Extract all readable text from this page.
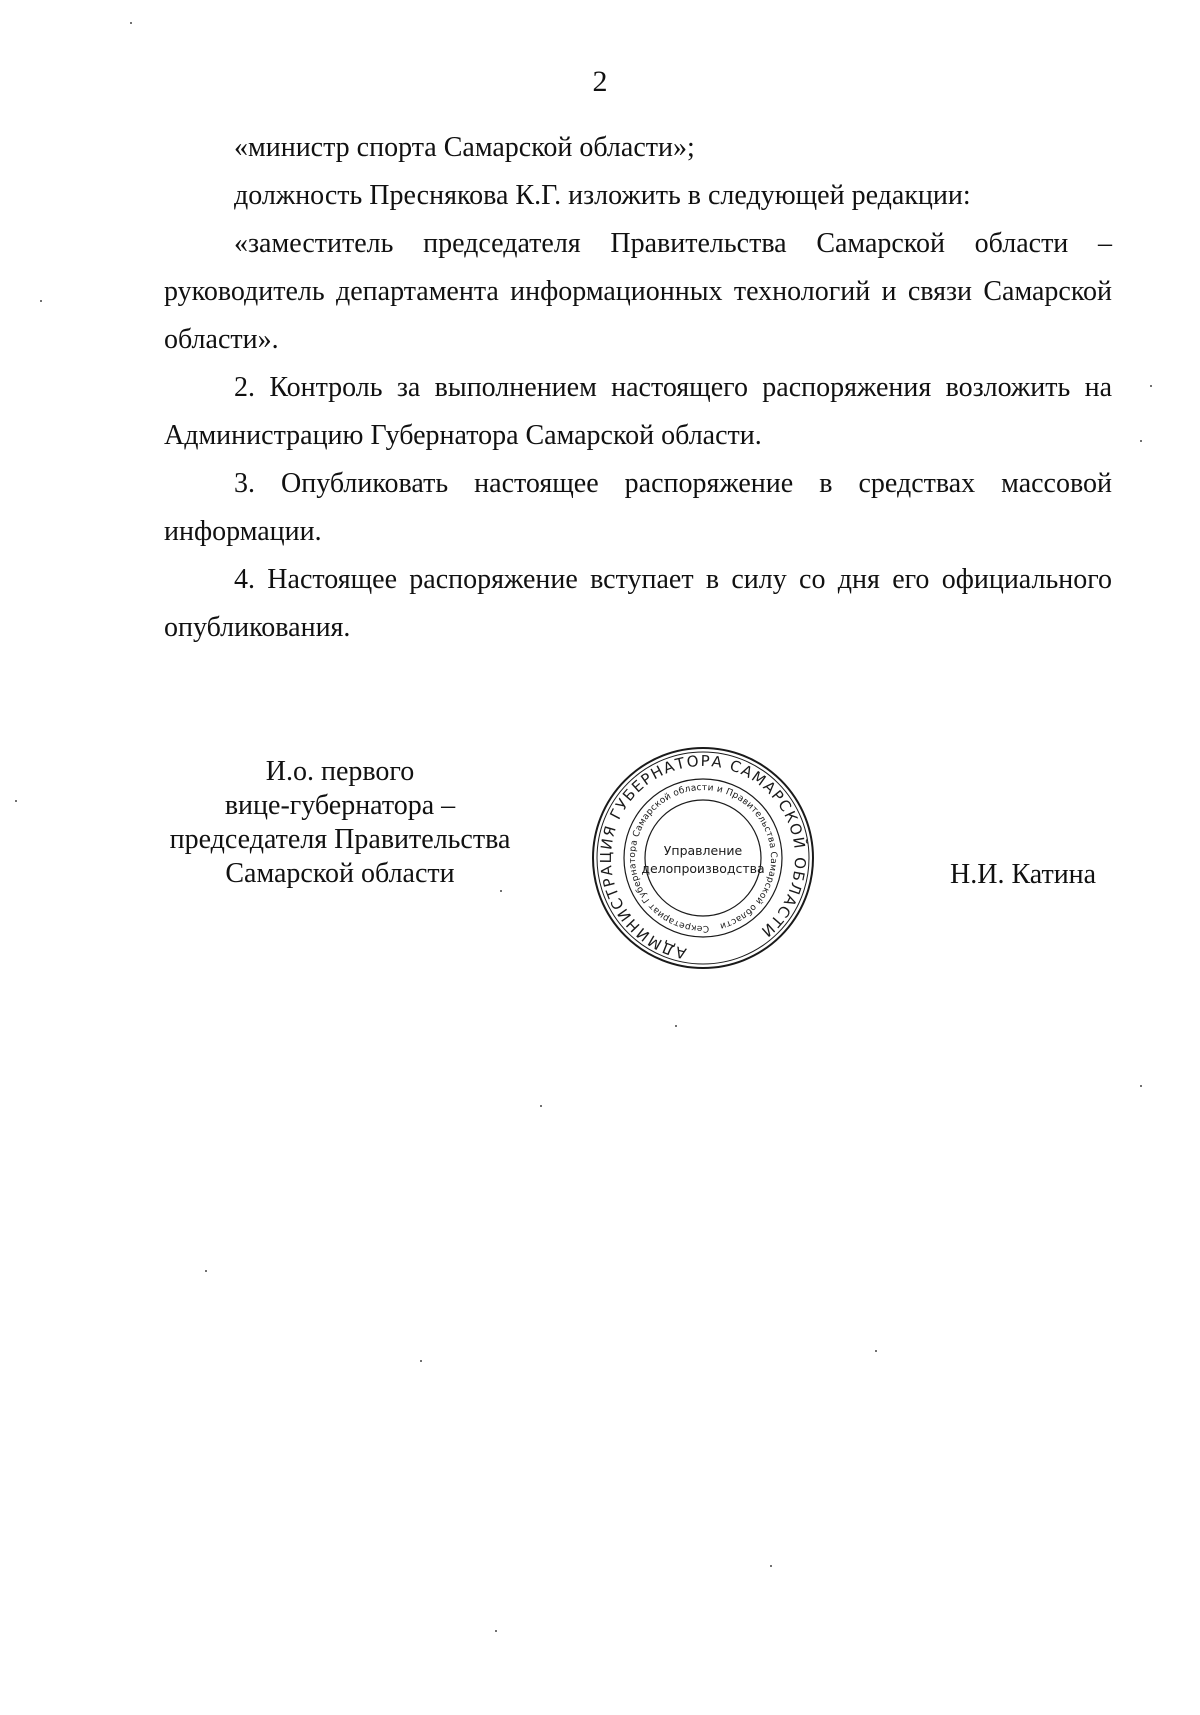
2

«министр спорта Самарской области»;

должность Преснякова К.Г. изложить в следующей редакции:

«заместитель председателя Правительства Самарской области – руководитель департамента информационных технологий и связи Самарской области».

2. Контроль за выполнением настоящего распоряжения возложить на Администрацию Губернатора Самарской области.

3. Опубликовать настоящее распоряжение в средствах массовой информации.

4. Настоящее распоряжение вступает в силу со дня его официального опубликования.

И.о. первого
вице-губернатора –
председателя Правительства
Самарской области
АДМИНИСТРАЦИЯ ГУБЕРНАТОРА САМАРСКОЙ ОБЛАСТИ
Секретариат Губернатора Самарской области и Правительства Самарской области
Управление
делопроизводства	Н.И. Катина
